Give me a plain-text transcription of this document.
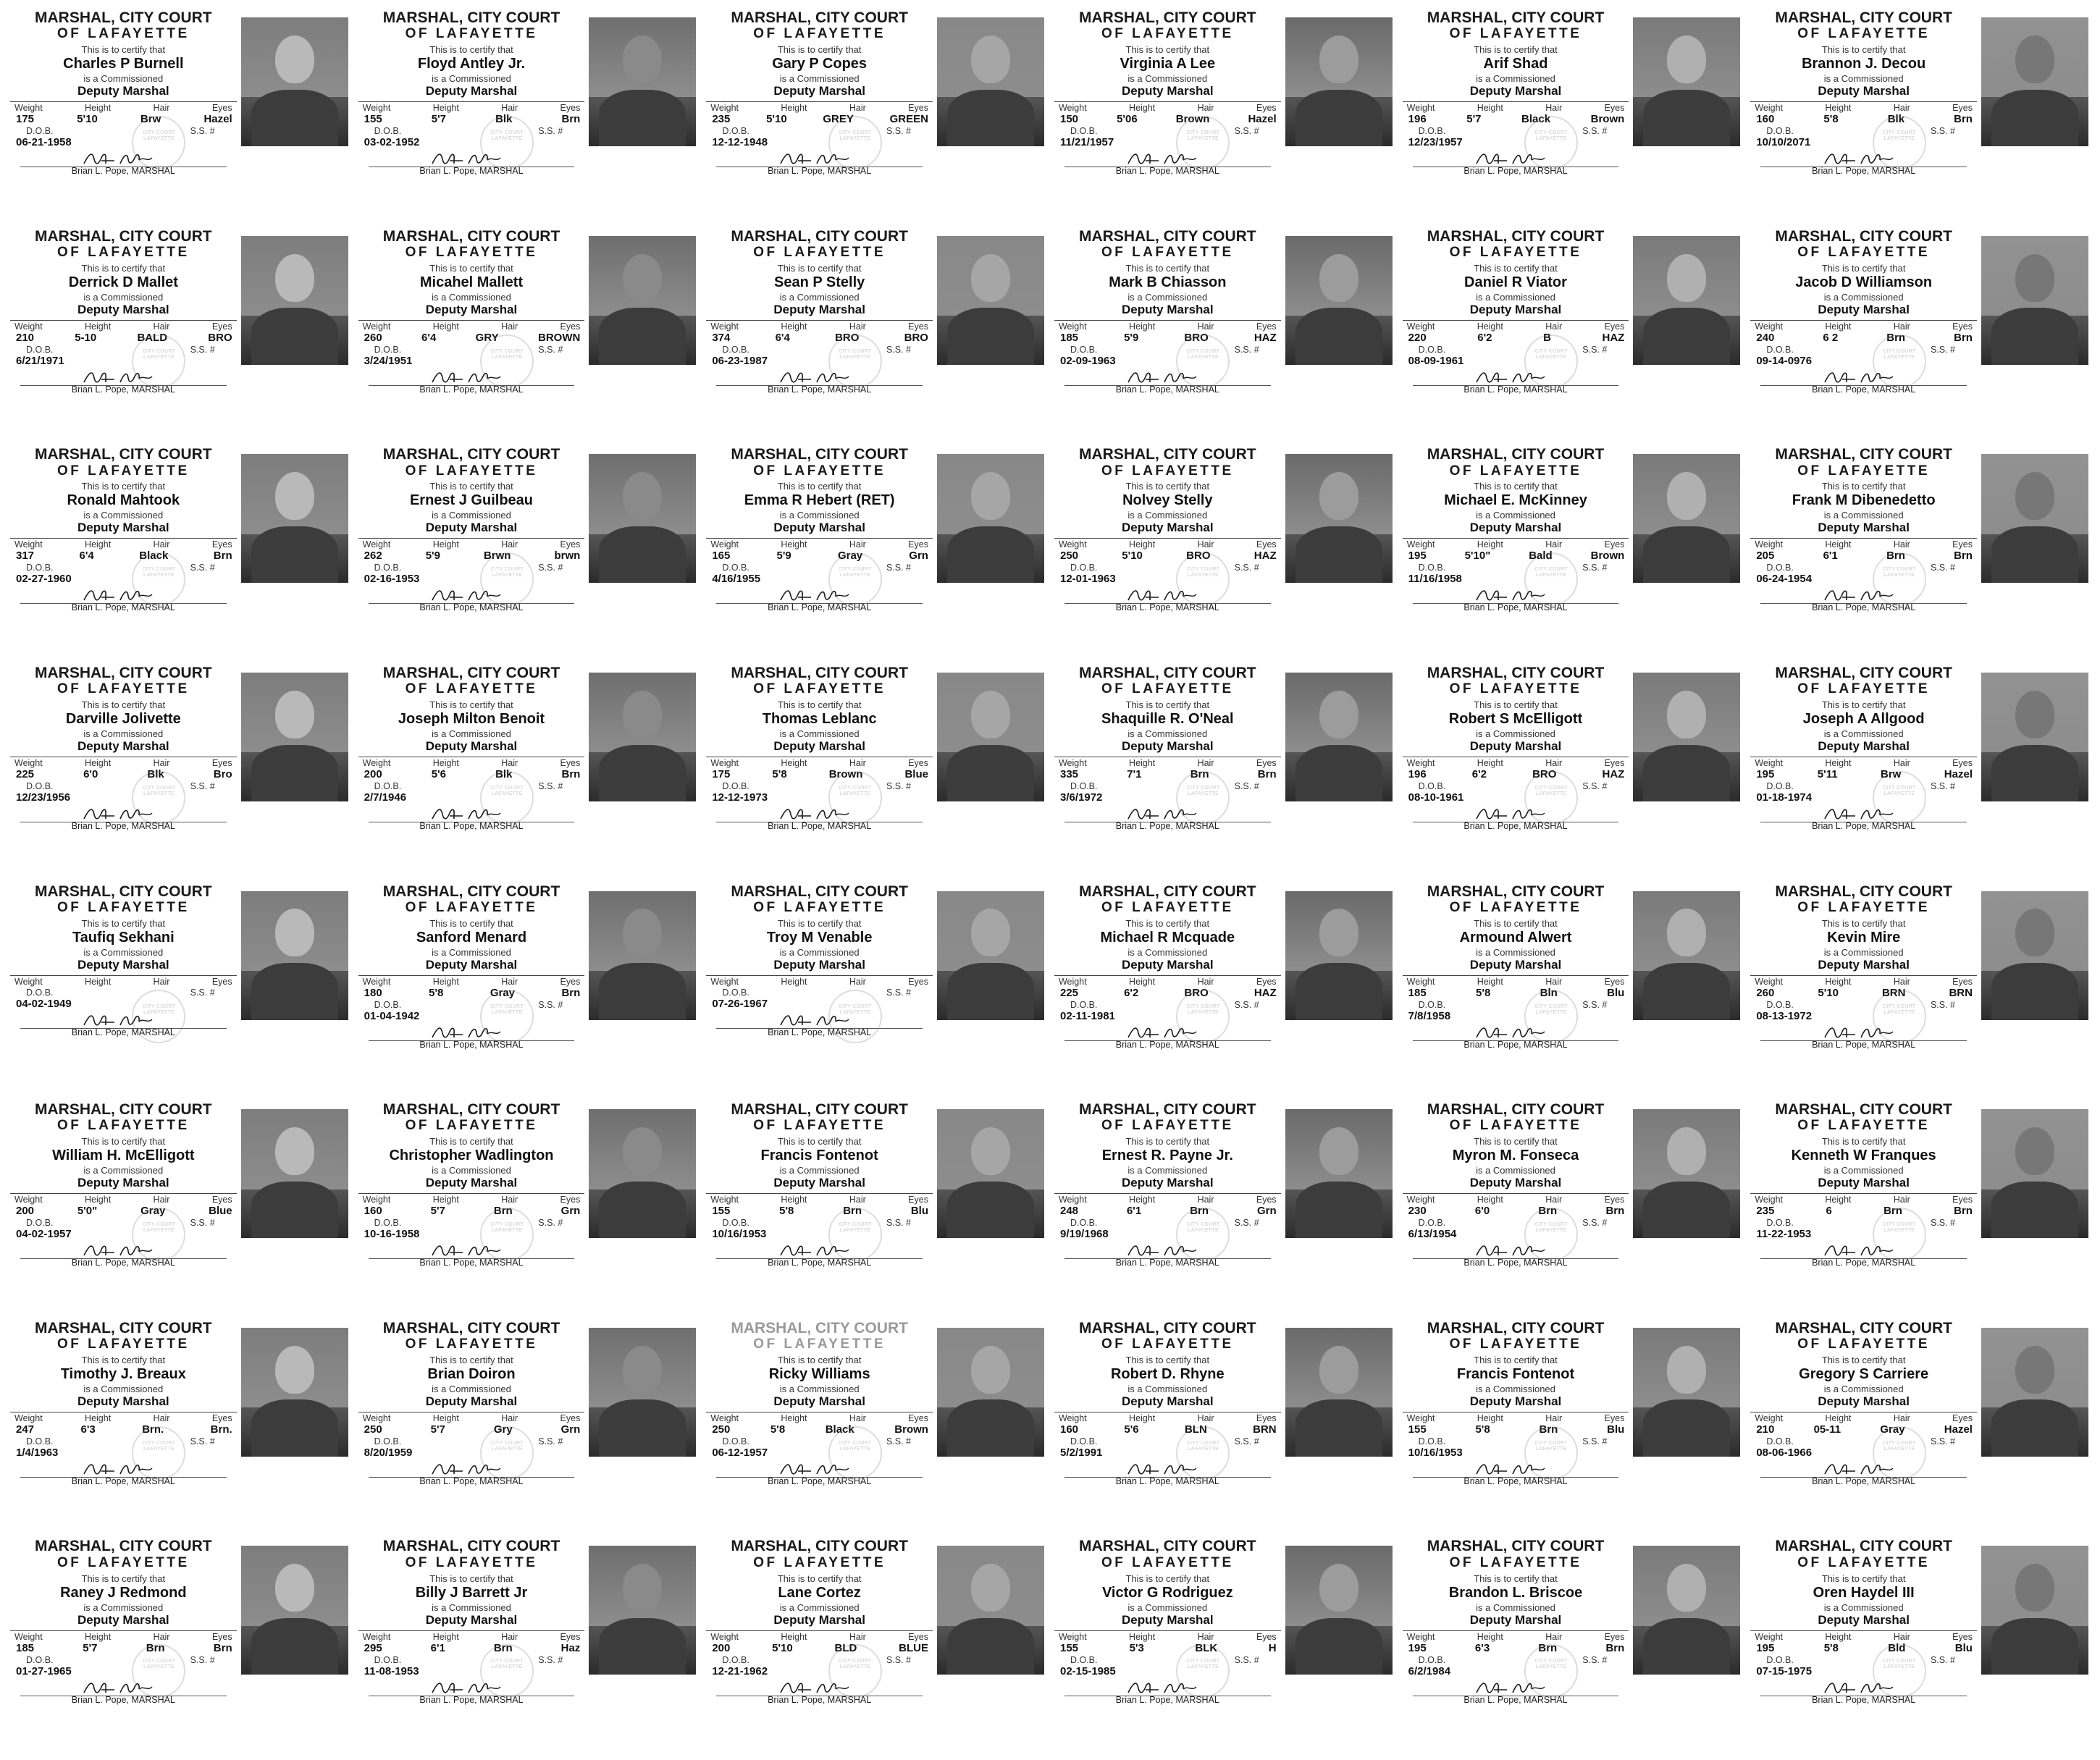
MARSHAL, CITY COURT
OF LAFAYETTE
This is to certify that
Charles P Burnell
is a Commissioned
Deputy Marshal
Weight	Height	Hair	Eyes
175	5'10	Brw	Hazel
D.O.B.	S.S. #
06-21-1958
Brian L. Pope, MARSHAL
CITY COURT LAFAYETTE
MARSHAL, CITY COURT
OF LAFAYETTE
This is to certify that
Floyd Antley Jr.
is a Commissioned
Deputy Marshal
Weight	Height	Hair	Eyes
155	5'7	Blk	Brn
D.O.B.	S.S. #
03-02-1952
Brian L. Pope, MARSHAL
CITY COURT LAFAYETTE
MARSHAL, CITY COURT
OF LAFAYETTE
This is to certify that
Gary P Copes
is a Commissioned
Deputy Marshal
Weight	Height	Hair	Eyes
235	5'10	GREY	GREEN
D.O.B.	S.S. #
12-12-1948
Brian L. Pope, MARSHAL
CITY COURT LAFAYETTE
MARSHAL, CITY COURT
OF LAFAYETTE
This is to certify that
Virginia A Lee
is a Commissioned
Deputy Marshal
Weight	Height	Hair	Eyes
150	5'06	Brown	Hazel
D.O.B.	S.S. #
11/21/1957
Brian L. Pope, MARSHAL
CITY COURT LAFAYETTE
MARSHAL, CITY COURT
OF LAFAYETTE
This is to certify that
Arif Shad
is a Commissioned
Deputy Marshal
Weight	Height	Hair	Eyes
196	5'7	Black	Brown
D.O.B.	S.S. #
12/23/1957
Brian L. Pope, MARSHAL
CITY COURT LAFAYETTE
MARSHAL, CITY COURT
OF LAFAYETTE
This is to certify that
Brannon J. Decou
is a Commissioned
Deputy Marshal
Weight	Height	Hair	Eyes
160	5'8	Blk	Brn
D.O.B.	S.S. #
10/10/2071
Brian L. Pope, MARSHAL
CITY COURT LAFAYETTE
MARSHAL, CITY COURT
OF LAFAYETTE
This is to certify that
Derrick D Mallet
is a Commissioned
Deputy Marshal
Weight	Height	Hair	Eyes
210	5-10	BALD	BRO
D.O.B.	S.S. #
6/21/1971
Brian L. Pope, MARSHAL
CITY COURT LAFAYETTE
MARSHAL, CITY COURT
OF LAFAYETTE
This is to certify that
Micahel Mallett
is a Commissioned
Deputy Marshal
Weight	Height	Hair	Eyes
260	6'4	GRY	BROWN
D.O.B.	S.S. #
3/24/1951
Brian L. Pope, MARSHAL
CITY COURT LAFAYETTE
MARSHAL, CITY COURT
OF LAFAYETTE
This is to certify that
Sean P Stelly
is a Commissioned
Deputy Marshal
Weight	Height	Hair	Eyes
374	6'4	BRO	BRO
D.O.B.	S.S. #
06-23-1987
Brian L. Pope, MARSHAL
CITY COURT LAFAYETTE
MARSHAL, CITY COURT
OF LAFAYETTE
This is to certify that
Mark B Chiasson
is a Commissioned
Deputy Marshal
Weight	Height	Hair	Eyes
185	5'9	BRO	HAZ
D.O.B.	S.S. #
02-09-1963
Brian L. Pope, MARSHAL
CITY COURT LAFAYETTE
MARSHAL, CITY COURT
OF LAFAYETTE
This is to certify that
Daniel R Viator
is a Commissioned
Deputy Marshal
Weight	Height	Hair	Eyes
220	6'2	B	HAZ
D.O.B.	S.S. #
08-09-1961
Brian L. Pope, MARSHAL
CITY COURT LAFAYETTE
MARSHAL, CITY COURT
OF LAFAYETTE
This is to certify that
Jacob D Williamson
is a Commissioned
Deputy Marshal
Weight	Height	Hair	Eyes
240	6 2	Brn	Brn
D.O.B.	S.S. #
09-14-0976
Brian L. Pope, MARSHAL
CITY COURT LAFAYETTE
MARSHAL, CITY COURT
OF LAFAYETTE
This is to certify that
Ronald Mahtook
is a Commissioned
Deputy Marshal
Weight	Height	Hair	Eyes
317	6'4	Black	Brn
D.O.B.	S.S. #
02-27-1960
Brian L. Pope, MARSHAL
CITY COURT LAFAYETTE
MARSHAL, CITY COURT
OF LAFAYETTE
This is to certify that
Ernest J Guilbeau
is a Commissioned
Deputy Marshal
Weight	Height	Hair	Eyes
262	5'9	Brwn	brwn
D.O.B.	S.S. #
02-16-1953
Brian L. Pope, MARSHAL
CITY COURT LAFAYETTE
MARSHAL, CITY COURT
OF LAFAYETTE
This is to certify that
Emma R Hebert (RET)
is a Commissioned
Deputy Marshal
Weight	Height	Hair	Eyes
165	5'9	Gray	Grn
D.O.B.	S.S. #
4/16/1955
Brian L. Pope, MARSHAL
CITY COURT LAFAYETTE
MARSHAL, CITY COURT
OF LAFAYETTE
This is to certify that
Nolvey Stelly
is a Commissioned
Deputy Marshal
Weight	Height	Hair	Eyes
250	5'10	BRO	HAZ
D.O.B.	S.S. #
12-01-1963
Brian L. Pope, MARSHAL
CITY COURT LAFAYETTE
MARSHAL, CITY COURT
OF LAFAYETTE
This is to certify that
Michael E. McKinney
is a Commissioned
Deputy Marshal
Weight	Height	Hair	Eyes
195	5'10"	Bald	Brown
D.O.B.	S.S. #
11/16/1958
Brian L. Pope, MARSHAL
CITY COURT LAFAYETTE
MARSHAL, CITY COURT
OF LAFAYETTE
This is to certify that
Frank M Dibenedetto
is a Commissioned
Deputy Marshal
Weight	Height	Hair	Eyes
205	6'1	Brn	Brn
D.O.B.	S.S. #
06-24-1954
Brian L. Pope, MARSHAL
CITY COURT LAFAYETTE
MARSHAL, CITY COURT
OF LAFAYETTE
This is to certify that
Darville Jolivette
is a Commissioned
Deputy Marshal
Weight	Height	Hair	Eyes
225	6'0	Blk	Bro
D.O.B.	S.S. #
12/23/1956
Brian L. Pope, MARSHAL
CITY COURT LAFAYETTE
MARSHAL, CITY COURT
OF LAFAYETTE
This is to certify that
Joseph Milton Benoit
is a Commissioned
Deputy Marshal
Weight	Height	Hair	Eyes
200	5'6	Blk	Brn
D.O.B.	S.S. #
2/7/1946
Brian L. Pope, MARSHAL
CITY COURT LAFAYETTE
MARSHAL, CITY COURT
OF LAFAYETTE
This is to certify that
Thomas Leblanc
is a Commissioned
Deputy Marshal
Weight	Height	Hair	Eyes
175	5'8	Brown	Blue
D.O.B.	S.S. #
12-12-1973
Brian L. Pope, MARSHAL
CITY COURT LAFAYETTE
MARSHAL, CITY COURT
OF LAFAYETTE
This is to certify that
Shaquille R. O'Neal
is a Commissioned
Deputy Marshal
Weight	Height	Hair	Eyes
335	7'1	Brn	Brn
D.O.B.	S.S. #
3/6/1972
Brian L. Pope, MARSHAL
CITY COURT LAFAYETTE
MARSHAL, CITY COURT
OF LAFAYETTE
This is to certify that
Robert S McElligott
is a Commissioned
Deputy Marshal
Weight	Height	Hair	Eyes
196	6'2	BRO	HAZ
D.O.B.	S.S. #
08-10-1961
Brian L. Pope, MARSHAL
CITY COURT LAFAYETTE
MARSHAL, CITY COURT
OF LAFAYETTE
This is to certify that
Joseph A Allgood
is a Commissioned
Deputy Marshal
Weight	Height	Hair	Eyes
195	5'11	Brw	Hazel
D.O.B.	S.S. #
01-18-1974
Brian L. Pope, MARSHAL
CITY COURT LAFAYETTE
MARSHAL, CITY COURT
OF LAFAYETTE
This is to certify that
Taufiq Sekhani
is a Commissioned
Deputy Marshal
Weight	Height	Hair	Eyes
D.O.B.	S.S. #
04-02-1949
Brian L. Pope, MARSHAL
CITY COURT LAFAYETTE
MARSHAL, CITY COURT
OF LAFAYETTE
This is to certify that
Sanford Menard
is a Commissioned
Deputy Marshal
Weight	Height	Hair	Eyes
180	5'8	Gray	Brn
D.O.B.	S.S. #
01-04-1942
Brian L. Pope, MARSHAL
CITY COURT LAFAYETTE
MARSHAL, CITY COURT
OF LAFAYETTE
This is to certify that
Troy M Venable
is a Commissioned
Deputy Marshal
Weight	Height	Hair	Eyes
D.O.B.	S.S. #
07-26-1967
Brian L. Pope, MARSHAL
CITY COURT LAFAYETTE
MARSHAL, CITY COURT
OF LAFAYETTE
This is to certify that
Michael R Mcquade
is a Commissioned
Deputy Marshal
Weight	Height	Hair	Eyes
225	6'2	BRO	HAZ
D.O.B.	S.S. #
02-11-1981
Brian L. Pope, MARSHAL
CITY COURT LAFAYETTE
MARSHAL, CITY COURT
OF LAFAYETTE
This is to certify that
Armound Alwert
is a Commissioned
Deputy Marshal
Weight	Height	Hair	Eyes
185	5'8	Bln	Blu
D.O.B.	S.S. #
7/8/1958
Brian L. Pope, MARSHAL
CITY COURT LAFAYETTE
MARSHAL, CITY COURT
OF LAFAYETTE
This is to certify that
Kevin Mire
is a Commissioned
Deputy Marshal
Weight	Height	Hair	Eyes
260	5'10	BRN	BRN
D.O.B.	S.S. #
08-13-1972
Brian L. Pope, MARSHAL
CITY COURT LAFAYETTE
MARSHAL, CITY COURT
OF LAFAYETTE
This is to certify that
William H. McElligott
is a Commissioned
Deputy Marshal
Weight	Height	Hair	Eyes
200	5'0"	Gray	Blue
D.O.B.	S.S. #
04-02-1957
Brian L. Pope, MARSHAL
CITY COURT LAFAYETTE
MARSHAL, CITY COURT
OF LAFAYETTE
This is to certify that
Christopher Wadlington
is a Commissioned
Deputy Marshal
Weight	Height	Hair	Eyes
160	5'7	Brn	Grn
D.O.B.	S.S. #
10-16-1958
Brian L. Pope, MARSHAL
CITY COURT LAFAYETTE
MARSHAL, CITY COURT
OF LAFAYETTE
This is to certify that
Francis Fontenot
is a Commissioned
Deputy Marshal
Weight	Height	Hair	Eyes
155	5'8	Brn	Blu
D.O.B.	S.S. #
10/16/1953
Brian L. Pope, MARSHAL
CITY COURT LAFAYETTE
MARSHAL, CITY COURT
OF LAFAYETTE
This is to certify that
Ernest R. Payne Jr.
is a Commissioned
Deputy Marshal
Weight	Height	Hair	Eyes
248	6'1	Brn	Grn
D.O.B.	S.S. #
9/19/1968
Brian L. Pope, MARSHAL
CITY COURT LAFAYETTE
MARSHAL, CITY COURT
OF LAFAYETTE
This is to certify that
Myron M. Fonseca
is a Commissioned
Deputy Marshal
Weight	Height	Hair	Eyes
230	6'0	Brn	Brn
D.O.B.	S.S. #
6/13/1954
Brian L. Pope, MARSHAL
CITY COURT LAFAYETTE
MARSHAL, CITY COURT
OF LAFAYETTE
This is to certify that
Kenneth W Franques
is a Commissioned
Deputy Marshal
Weight	Height	Hair	Eyes
235	6	Brn	Brn
D.O.B.	S.S. #
11-22-1953
Brian L. Pope, MARSHAL
CITY COURT LAFAYETTE
MARSHAL, CITY COURT
OF LAFAYETTE
This is to certify that
Timothy J. Breaux
is a Commissioned
Deputy Marshal
Weight	Height	Hair	Eyes
247	6'3	Brn.	Brn.
D.O.B.	S.S. #
1/4/1963
Brian L. Pope, MARSHAL
CITY COURT LAFAYETTE
MARSHAL, CITY COURT
OF LAFAYETTE
This is to certify that
Brian Doiron
is a Commissioned
Deputy Marshal
Weight	Height	Hair	Eyes
250	5'7	Gry	Grn
D.O.B.	S.S. #
8/20/1959
Brian L. Pope, MARSHAL
CITY COURT LAFAYETTE
MARSHAL, CITY COURT
OF LAFAYETTE
This is to certify that
Ricky Williams
is a Commissioned
Deputy Marshal
Weight	Height	Hair	Eyes
250	5'8	Black	Brown
D.O.B.	S.S. #
06-12-1957
Brian L. Pope, MARSHAL
CITY COURT LAFAYETTE
MARSHAL, CITY COURT
OF LAFAYETTE
This is to certify that
Robert D. Rhyne
is a Commissioned
Deputy Marshal
Weight	Height	Hair	Eyes
160	5'6	BLN	BRN
D.O.B.	S.S. #
5/2/1991
Brian L. Pope, MARSHAL
CITY COURT LAFAYETTE
MARSHAL, CITY COURT
OF LAFAYETTE
This is to certify that
Francis Fontenot
is a Commissioned
Deputy Marshal
Weight	Height	Hair	Eyes
155	5'8	Brn	Blu
D.O.B.	S.S. #
10/16/1953
Brian L. Pope, MARSHAL
CITY COURT LAFAYETTE
MARSHAL, CITY COURT
OF LAFAYETTE
This is to certify that
Gregory S Carriere
is a Commissioned
Deputy Marshal
Weight	Height	Hair	Eyes
210	05-11	Gray	Hazel
D.O.B.	S.S. #
08-06-1966
Brian L. Pope, MARSHAL
CITY COURT LAFAYETTE
MARSHAL, CITY COURT
OF LAFAYETTE
This is to certify that
Raney J Redmond
is a Commissioned
Deputy Marshal
Weight	Height	Hair	Eyes
185	5'7	Brn	Brn
D.O.B.	S.S. #
01-27-1965
Brian L. Pope, MARSHAL
CITY COURT LAFAYETTE
MARSHAL, CITY COURT
OF LAFAYETTE
This is to certify that
Billy J Barrett Jr
is a Commissioned
Deputy Marshal
Weight	Height	Hair	Eyes
295	6'1	Brn	Haz
D.O.B.	S.S. #
11-08-1953
Brian L. Pope, MARSHAL
CITY COURT LAFAYETTE
MARSHAL, CITY COURT
OF LAFAYETTE
This is to certify that
Lane Cortez
is a Commissioned
Deputy Marshal
Weight	Height	Hair	Eyes
200	5'10	BLD	BLUE
D.O.B.	S.S. #
12-21-1962
Brian L. Pope, MARSHAL
CITY COURT LAFAYETTE
MARSHAL, CITY COURT
OF LAFAYETTE
This is to certify that
Victor G Rodriguez
is a Commissioned
Deputy Marshal
Weight	Height	Hair	Eyes
155	5'3	BLK	H
D.O.B.	S.S. #
02-15-1985
Brian L. Pope, MARSHAL
CITY COURT LAFAYETTE
MARSHAL, CITY COURT
OF LAFAYETTE
This is to certify that
Brandon L. Briscoe
is a Commissioned
Deputy Marshal
Weight	Height	Hair	Eyes
195	6'3	Brn	Brn
D.O.B.	S.S. #
6/2/1984
Brian L. Pope, MARSHAL
CITY COURT LAFAYETTE
MARSHAL, CITY COURT
OF LAFAYETTE
This is to certify that
Oren Haydel III
is a Commissioned
Deputy Marshal
Weight	Height	Hair	Eyes
195	5'8	Bld	Blu
D.O.B.	S.S. #
07-15-1975
Brian L. Pope, MARSHAL
CITY COURT LAFAYETTE
